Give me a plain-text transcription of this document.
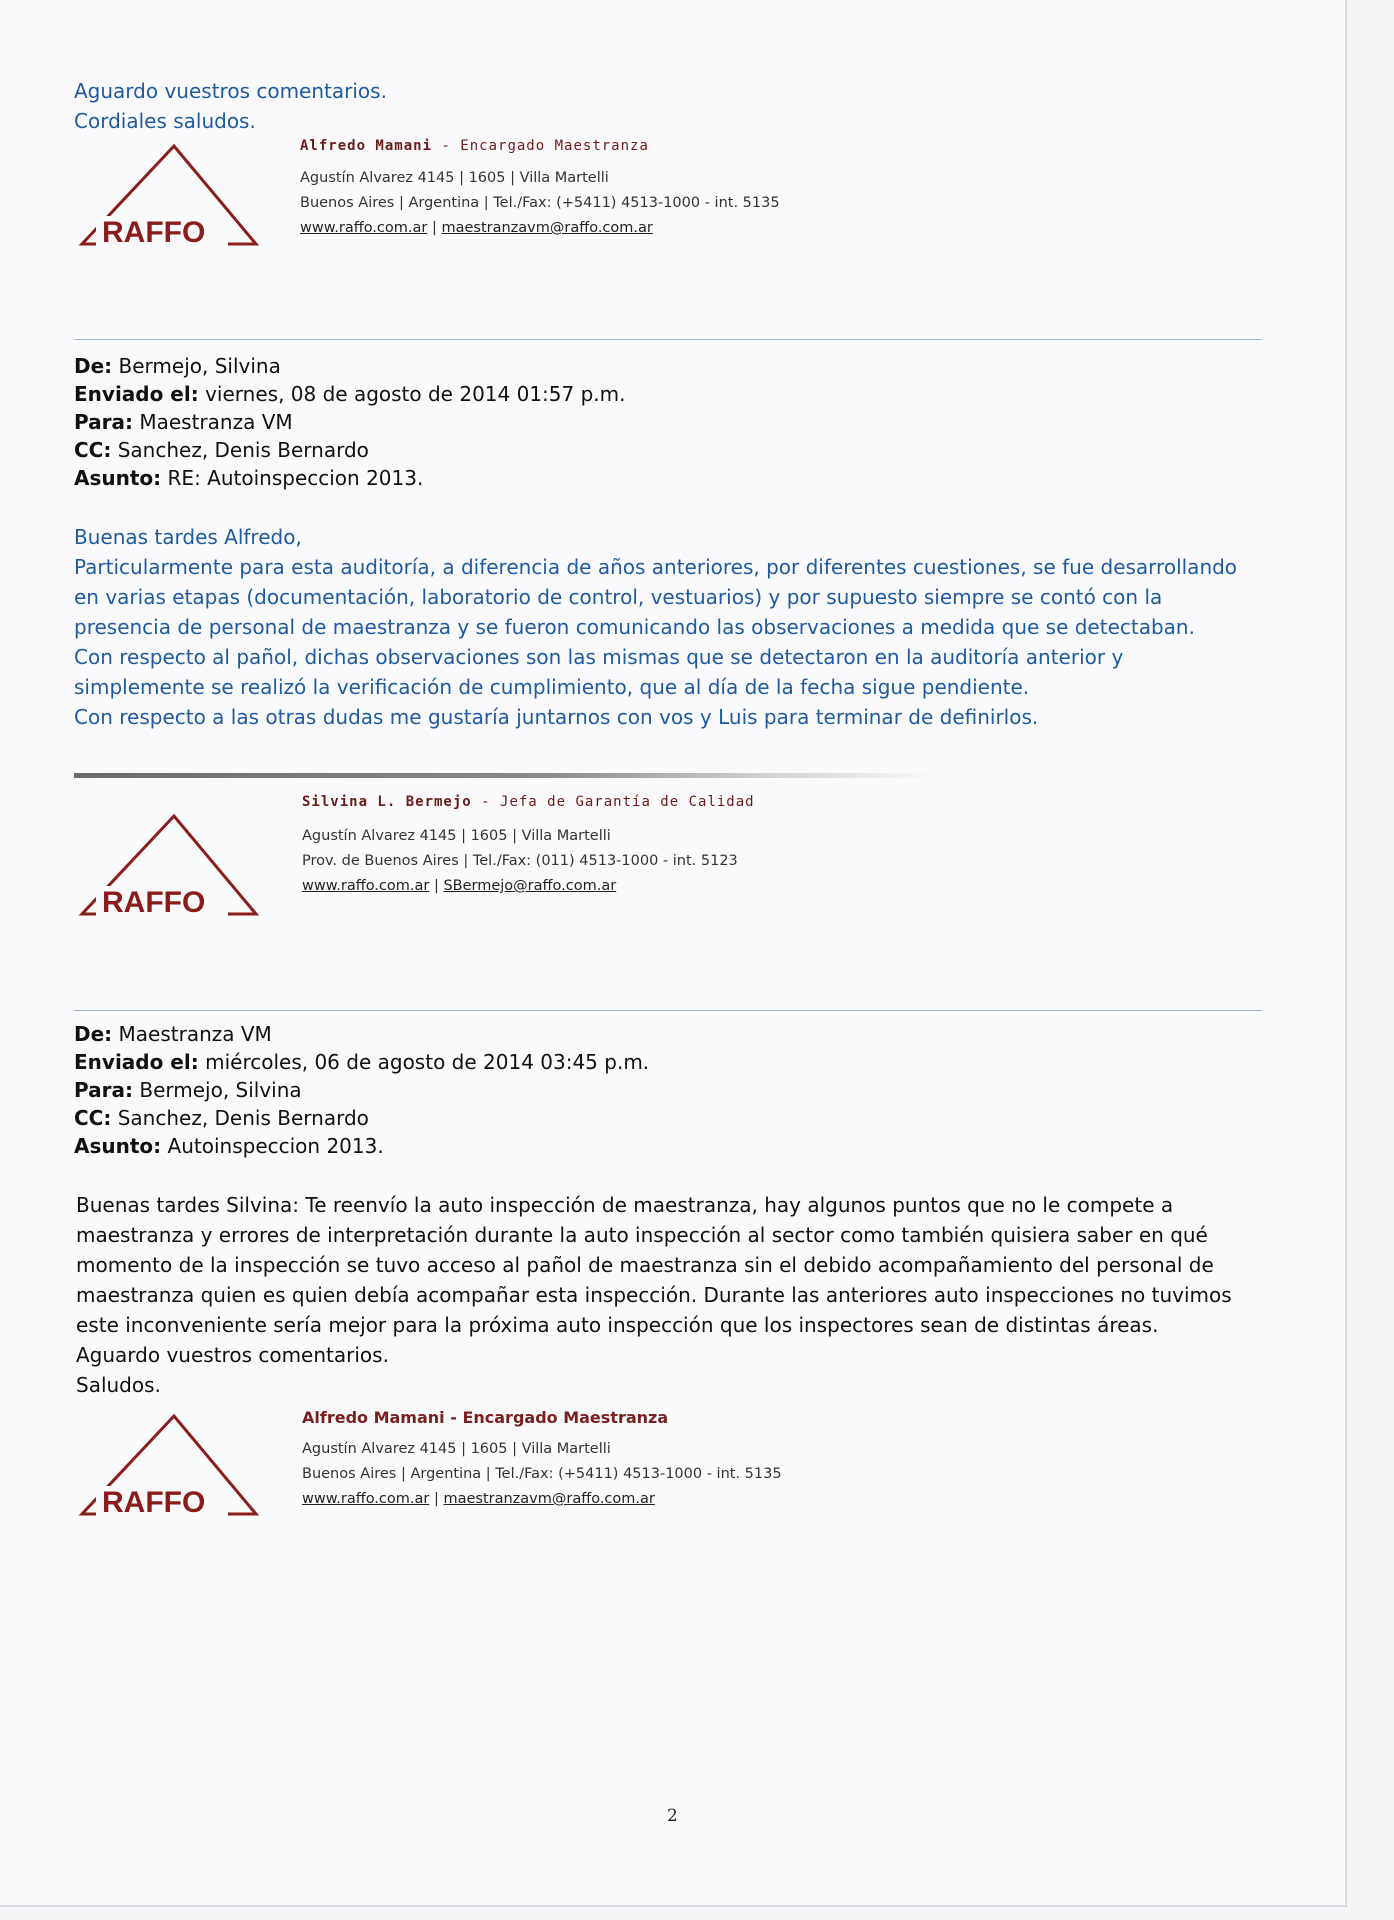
Aguardo vuestros comentarios.
Cordiales saludos.
RAFFO
Alfredo Mamani - Encargado Maestranza
Agustín Alvarez 4145 | 1605 | Villa Martelli
Buenos Aires | Argentina | Tel./Fax: (+5411) 4513-1000 - int. 5135
www.raffo.com.ar | maestranzavm@raffo.com.ar
De: Bermejo, Silvina
Enviado el: viernes, 08 de agosto de 2014 01:57 p.m.
Para: Maestranza VM
CC: Sanchez, Denis Bernardo
Asunto: RE: Autoinspeccion 2013.

Buenas tardes Alfredo,

Particularmente para esta auditoría, a diferencia de años anteriores, por diferentes cuestiones, se fue desarrollando

en varias etapas (documentación, laboratorio de control, vestuarios) y por supuesto siempre se contó con la

presencia de personal de maestranza y se fueron comunicando las observaciones a medida que se detectaban.

Con respecto al pañol, dichas observaciones son las mismas que se detectaron en la auditoría anterior y

simplemente se realizó la verificación de cumplimiento, que al día de la fecha sigue pendiente.

Con respecto a las otras dudas me gustaría juntarnos con vos y Luis para terminar de definirlos.

RAFFO
Silvina L. Bermejo - Jefa de Garantía de Calidad
Agustín Alvarez 4145 | 1605 | Villa Martelli
Prov. de Buenos Aires | Tel./Fax: (011) 4513-1000 - int. 5123
www.raffo.com.ar | SBermejo@raffo.com.ar
De: Maestranza VM
Enviado el: miércoles, 06 de agosto de 2014 03:45 p.m.
Para: Bermejo, Silvina
CC: Sanchez, Denis Bernardo
Asunto: Autoinspeccion 2013.

Buenas tardes Silvina: Te reenvío la auto inspección de maestranza, hay algunos puntos que no le compete a

maestranza y errores de interpretación durante la auto inspección al sector como también quisiera saber en qué

momento de la inspección se tuvo acceso al pañol de maestranza sin el debido acompañamiento del personal de

maestranza quien es quien debía acompañar esta inspección. Durante las anteriores auto inspecciones no tuvimos

este inconveniente sería mejor para la próxima auto inspección que los inspectores sean de distintas áreas.

Aguardo vuestros comentarios.

Saludos.

RAFFO
Alfredo Mamani - Encargado Maestranza
Agustín Alvarez 4145 | 1605 | Villa Martelli
Buenos Aires | Argentina | Tel./Fax: (+5411) 4513-1000 - int. 5135
www.raffo.com.ar | maestranzavm@raffo.com.ar
2
